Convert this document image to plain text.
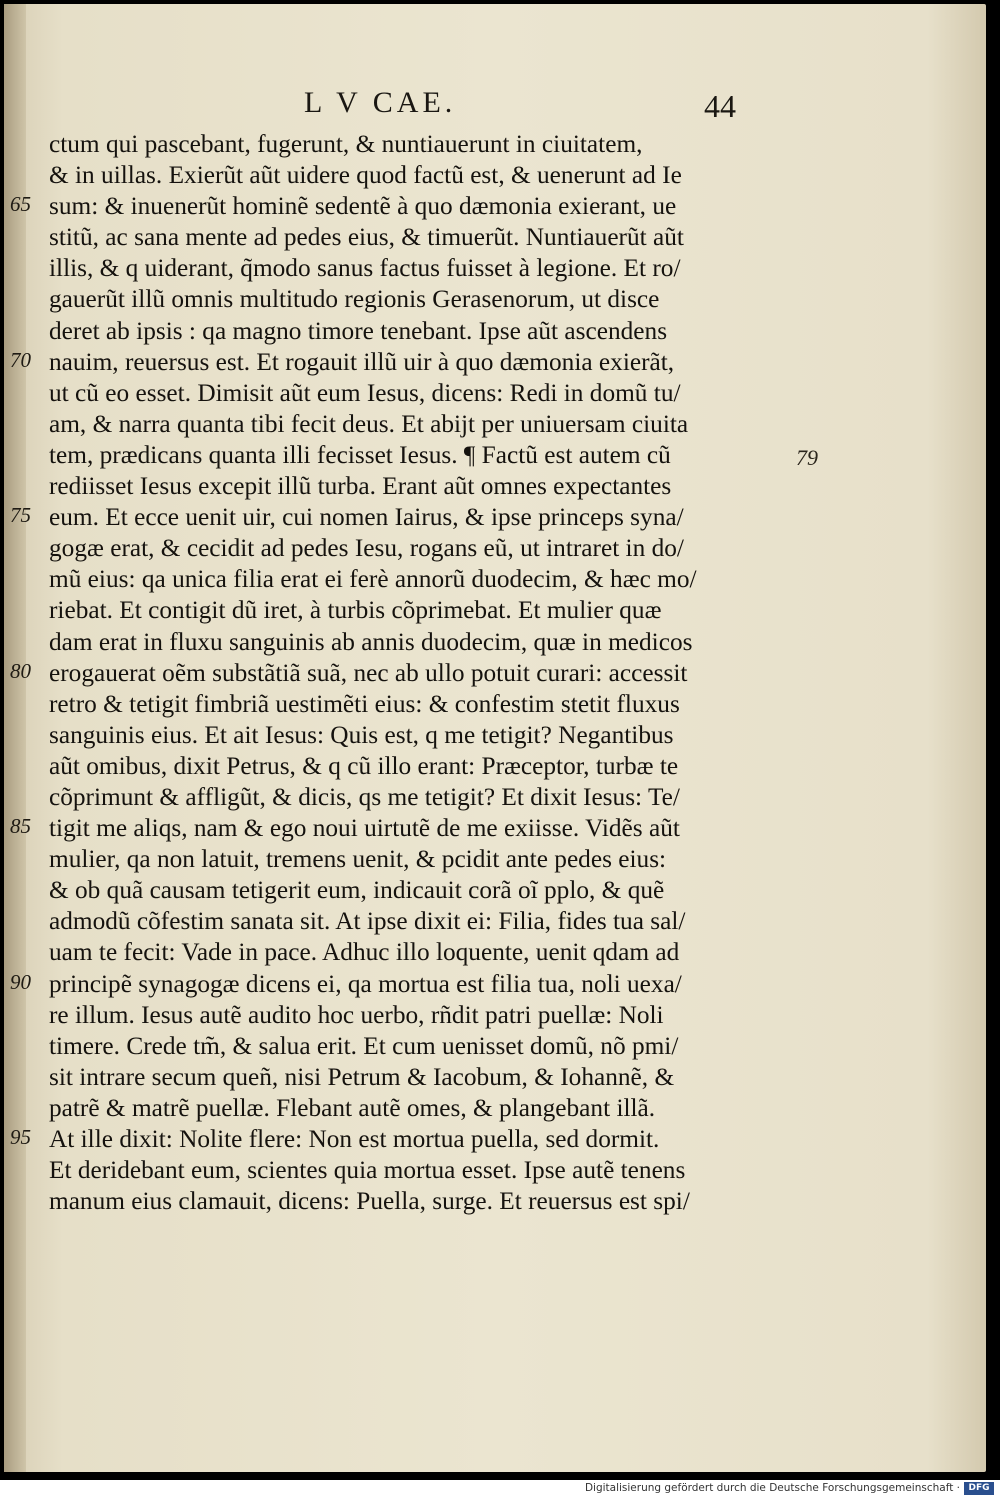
L V CAE.	44
ctum qui pascebant, fugerunt, & nuntiauerunt in ciuitatem,
& in uillas. Exierũt aũt uidere quod factũ est, & uenerunt ad Ie
sum: & inuenerũt hominẽ sedentẽ à quo dæmonia exierant, ue
stitũ, ac sana mente ad pedes eius, & timuerũt. Nuntiauerũt aũt
illis, & q uiderant, q̃modo sanus factus fuisset à legione. Et ro/
gauerũt illũ omnis multitudo regionis Gerasenorum, ut disce
deret ab ipsis : qa magno timore tenebant. Ipse aũt ascendens
nauim, reuersus est. Et rogauit illũ uir à quo dæmonia exierãt,
ut cũ eo esset. Dimisit aũt eum Iesus, dicens: Redi in domũ tu/
am, & narra quanta tibi fecit deus. Et abijt per uniuersam ciuita
tem, prædicans quanta illi fecisset Iesus. ¶ Factũ est autem cũ
rediisset Iesus excepit illũ turba. Erant aũt omnes expectantes
eum. Et ecce uenit uir, cui nomen Iairus, & ipse princeps syna/
gogæ erat, & cecidit ad pedes Iesu, rogans eũ, ut intraret in do/
mũ eius: qa unica filia erat ei ferè annorũ duodecim, & hæc mo/
riebat. Et contigit dũ iret, à turbis cõprimebat. Et mulier quæ
dam erat in fluxu sanguinis ab annis duodecim, quæ in medicos
erogauerat oẽm substãtiã suã, nec ab ullo potuit curari: accessit
retro & tetigit fimbriã uestimẽti eius: & confestim stetit fluxus
sanguinis eius. Et ait Iesus: Quis est, q me tetigit? Negantibus
aũt omibus, dixit Petrus, & q cũ illo erant: Præceptor, turbæ te
cõprimunt & affligũt, & dicis, qs me tetigit? Et dixit Iesus: Te/
tigit me aliqs, nam & ego noui uirtutẽ de me exiisse. Vidẽs aũt
mulier, qa non latuit, tremens uenit, & pcidit ante pedes eius:
& ob quã causam tetigerit eum, indicauit corã oĩ pplo, & quẽ
admodũ cõfestim sanata sit. At ipse dixit ei: Filia, fides tua sal/
uam te fecit: Vade in pace. Adhuc illo loquente, uenit qdam ad
principẽ synagogæ dicens ei, qa mortua est filia tua, noli uexa/
re illum. Iesus autẽ audito hoc uerbo, rñdit patri puellæ: Noli
timere. Crede tm̃, & salua erit. Et cum uenisset domũ, nõ pmi/
sit intrare secum queñ, nisi Petrum & Iacobum, & Iohannẽ, &
patrẽ & matrẽ puellæ. Flebant autẽ omes, & plangebant illã.
At ille dixit: Nolite flere: Non est mortua puella, sed dormit.
Et deridebant eum, scientes quia mortua esset. Ipse autẽ tenens
manum eius clamauit, dicens: Puella, surge. Et reuersus est spi/
65
70
75
80
85
90
95
79
Digitalisierung gefördert durch die Deutsche Forschungsgemeinschaft · DFG
